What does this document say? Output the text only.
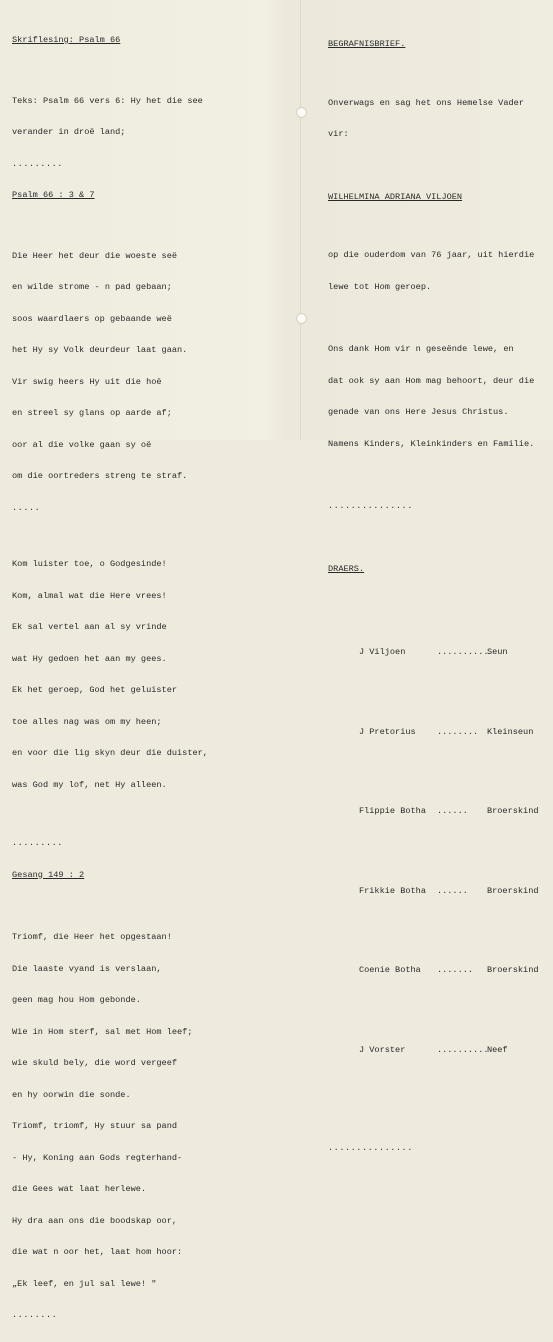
Skriflesing: Psalm 66

Teks: Psalm 66 vers 6: Hy het die see

verander in droë land;

.........

Psalm 66 : 3 & 7

Die Heer het deur die woeste seë

en wilde strome - n pad gebaan;

soos waardlaers op gebaande weë

het Hy sy Volk deurdeur laat gaan.

Vir swig heers Hy uit die hoë

en streel sy glans op aarde af;

oor al die volke gaan sy oë

om die oortreders streng te straf.

.....

Kom luister toe, o Godgesinde!

Kom, almal wat die Here vrees!

Ek sal vertel aan al sy vrinde

wat Hy gedoen het aan my gees.

Ek het geroep, God het geluister

toe alles nag was om my heen;

en voor die lig skyn deur die duister,

was God my lof, net Hy alleen.

.........

Gesang 149 : 2

Triomf, die Heer het opgestaan!

Die laaste vyand is verslaan,

geen mag hou Hom gebonde.

Wie in Hom sterf, sal met Hom leef;

wie skuld bely, die word vergeef

en hy oorwin die sonde.

Triomf, triomf, Hy stuur sa pand

- Hy, Koning aan Gods regterhand-

die Gees wat laat herlewe.

Hy dra aan ons die boodskap oor,

die wat n oor het, laat hom hoor:

„Ek leef, en jul sal lewe! "

........

BEGRAFNISBRIEF.

Onverwags en sag het ons Hemelse Vader

vir:

WILHELMINA ADRIANA VILJOEN

op die ouderdom van 76 jaar, uit hierdie

lewe tot Hom geroep.

Ons dank Hom vir n geseënde lewe, en

dat ook sy aan Hom mag behoort, deur die

genade van ons Here Jesus Christus.

Namens Kinders, Kleinkinders en Familie.

...............

DRAERS.

J Viljoen	..........Seun

J Pretorius ........ Kleinseun

Flippie Botha ...... Broerskind

Frikkie Botha ...... Broerskind

Coenie Botha ....... Broerskind

J Vorster	..........Neef

...............
